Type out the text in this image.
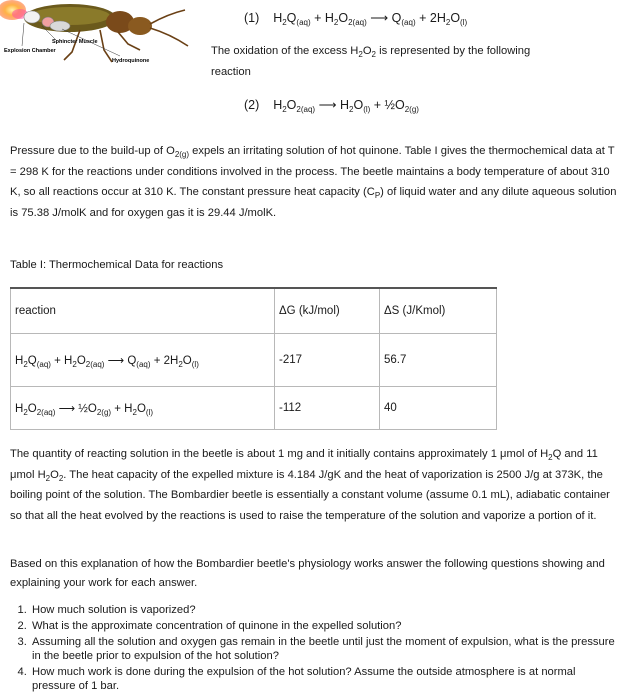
Sphincter Muscle
Explosion Chamber
Hydroquinone
(1) $H_2Q_{(aq)} + H_2O_{2(aq)}$ ⟶ $Q_{(aq)} + 2H_2O_{(l)}$
The oxidation of the excess $H_2O_2$ is represented by the following
reaction
(2) $H_2O_{2(aq)}$ ⟶ $H_2O_{(l)}$ + $\frac{1}{2}O_{2(g)}$
Pressure due to the build-up of $O_{2(g)}$ expels an irritating solution of hot quinone. Table I gives the thermochemical data at T = 298 K for the reactions under conditions involved in the process. The beetle maintains a body temperature of about 310 K, so all reactions occur at 310 K. The constant pressure heat capacity $(C_P)$ of liquid water and any dilute aqueous solution is 75.38 J/molK and for oxygen gas it is 29.44 J/molK.
Table I: Thermochemical Data for reactions
reaction	ΔG (kJ/mol)	ΔS (J/Kmol)
$H_2Q_{(aq)} + H_2O_{2(aq)}$ ⟶ $Q_{(aq)} + 2H_2O_{(l)}$	-217	56.7
$H_2O_{2(aq)}$ ⟶ $\frac{1}{2}O_{2(g)} + H_2O_{(l)}$	-112	40
The quantity of reacting solution in the beetle is about 1 mg and it initially contains approximately 1 μmol of $H_2Q$ and 11 μmol $H_2O_2$. The heat capacity of the expelled mixture is 4.184 J/gK and the heat of vaporization is 2500 J/g at 373K, the boiling point of the solution. The Bombardier beetle is essentially a constant volume (assume 0.1 mL), adiabatic container so that all the heat evolved by the reactions is used to raise the temperature of the solution and vaporize a portion of it.
Based on this explanation of how the Bombardier beetle's physiology works answer the following questions showing and explaining your work for each answer.
1. How much solution is vaporized?
2. What is the approximate concentration of quinone in the expelled solution?
3. Assuming all the solution and oxygen gas remain in the beetle until just the moment of expulsion, what is the pressure in the beetle prior to expulsion of the hot solution?
4. How much work is done during the expulsion of the hot solution? Assume the outside atmosphere is at normal pressure of 1 bar.
